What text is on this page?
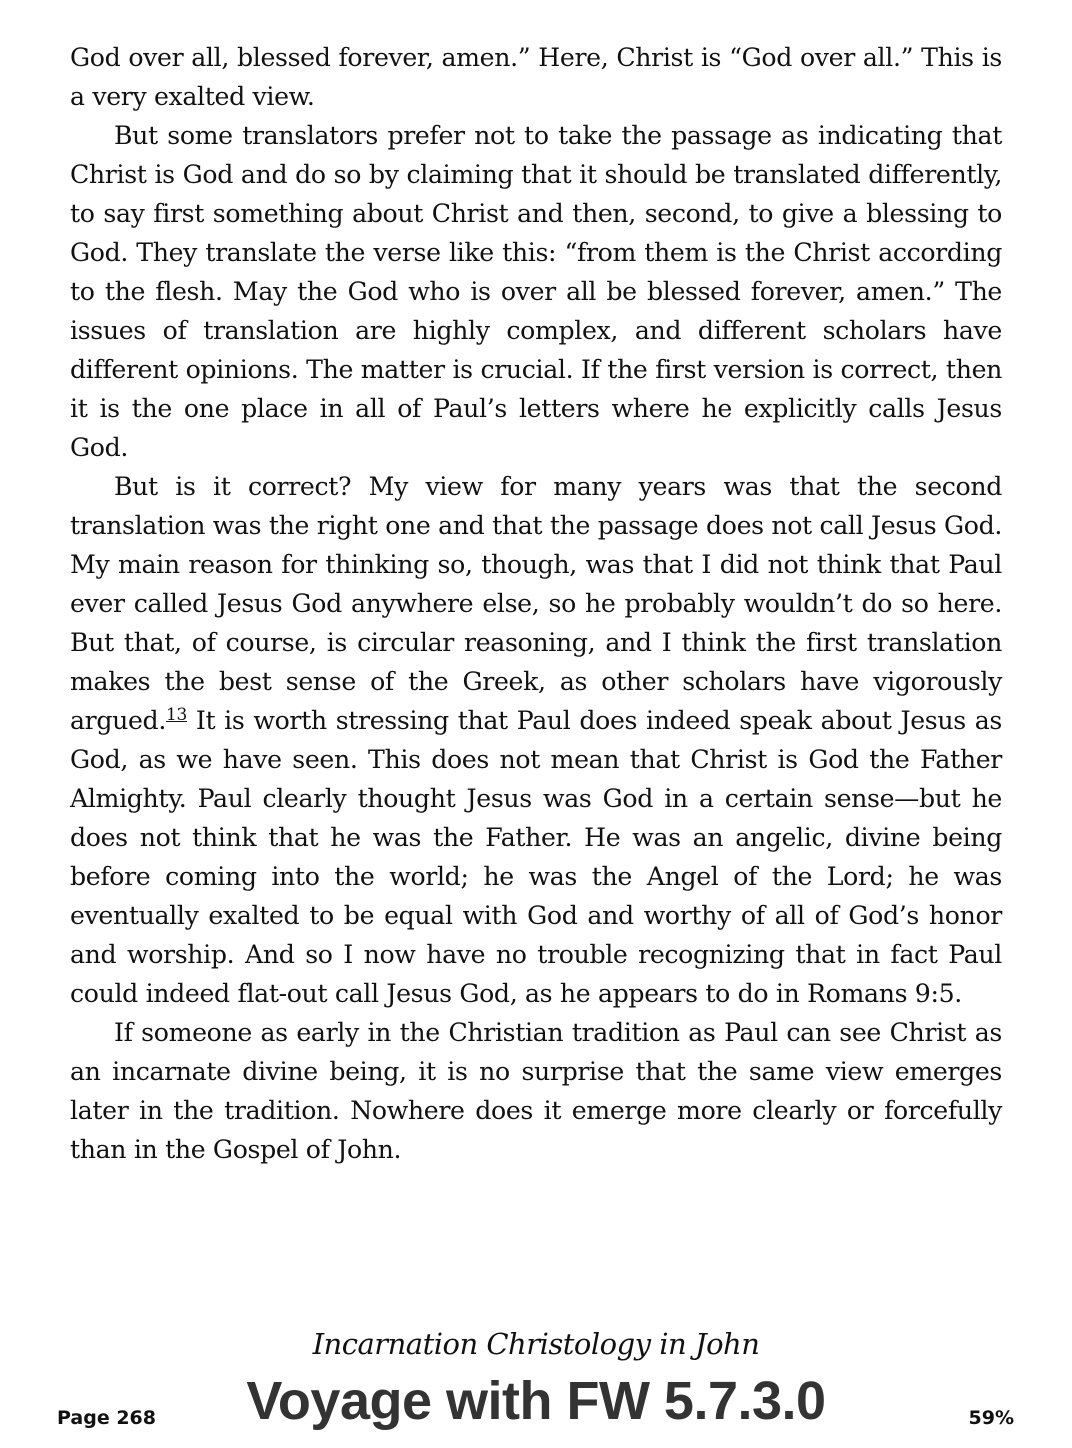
God over all, blessed forever, amen.” Here, Christ is “God over all.” This is a very exalted view.

But some translators prefer not to take the passage as indicating that Christ is God and do so by claiming that it should be translated differently, to say first something about Christ and then, second, to give a blessing to God. They translate the verse like this: “from them is the Christ according to the flesh. May the God who is over all be blessed forever, amen.” The issues of translation are highly complex, and different scholars have different opinions. The matter is crucial. If the first version is correct, then it is the one place in all of Paul’s letters where he explicitly calls Jesus God.

But is it correct? My view for many years was that the second translation was the right one and that the passage does not call Jesus God. My main reason for thinking so, though, was that I did not think that Paul ever called Jesus God anywhere else, so he probably wouldn’t do so here. But that, of course, is circular reasoning, and I think the first translation makes the best sense of the Greek, as other scholars have vigorously argued.$^{13}$ It is worth stressing that Paul does indeed speak about Jesus as God, as we have seen. This does not mean that Christ is God the Father Almighty. Paul clearly thought Jesus was God in a certain sense—but he does not think that he was the Father. He was an angelic, divine being before coming into the world; he was the Angel of the Lord; he was eventually exalted to be equal with God and worthy of all of God’s honor and worship. And so I now have no trouble recognizing that in fact Paul could indeed flat-out call Jesus God, as he appears to do in Romans 9:5.

If someone as early in the Christian tradition as Paul can see Christ as an incarnate divine being, it is no surprise that the same view emerges later in the tradition. Nowhere does it emerge more clearly or forcefully than in the Gospel of John.

Incarnation Christology in John
Voyage with FW 5.7.3.0
Page 268	59%
